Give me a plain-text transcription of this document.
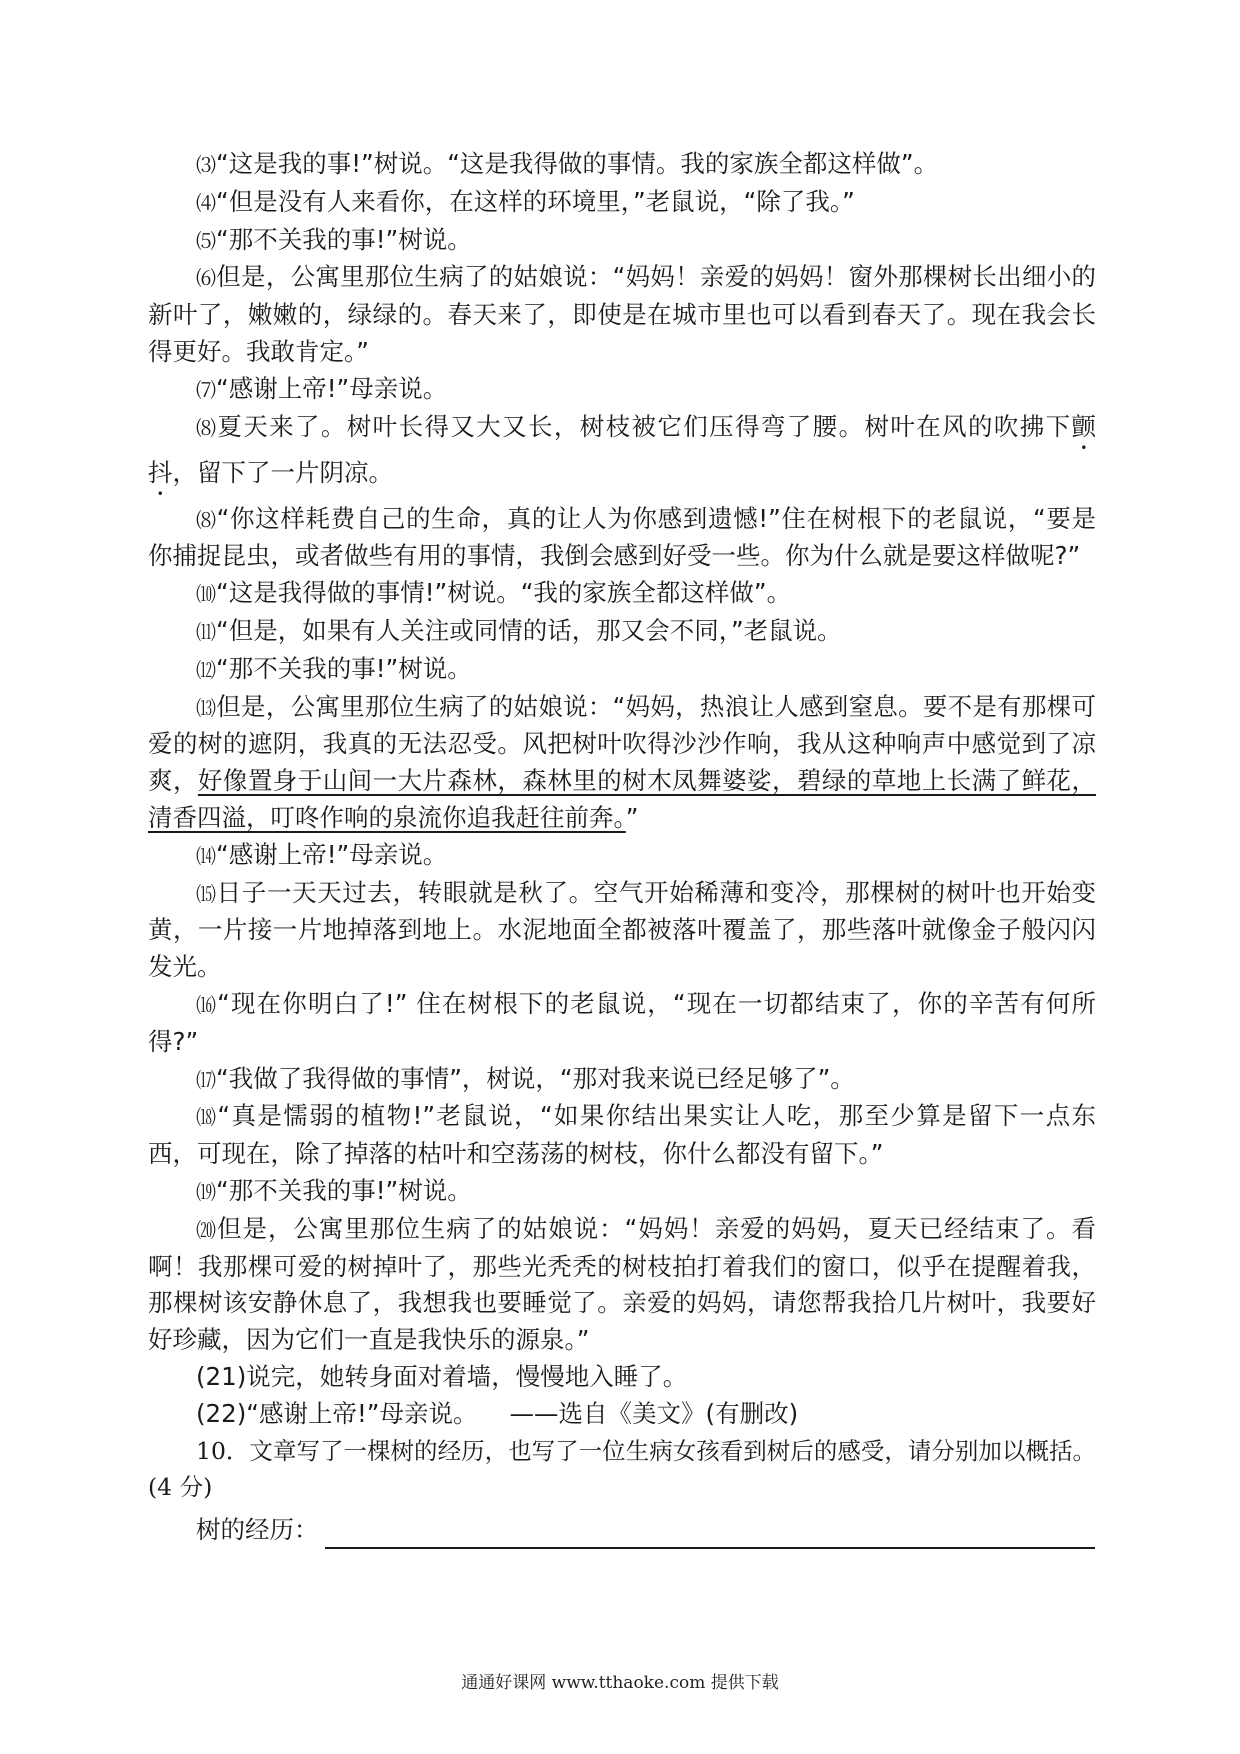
⑶“这是我的事!”树说。“这是我得做的事情。我的家族全都这样做”。

⑷“但是没有人来看你，在这样的环境里，”老鼠说，“除了我。”

⑸“那不关我的事!”树说。

⑹但是，公寓里那位生病了的姑娘说：“妈妈！亲爱的妈妈！窗外那棵树长出细小的新叶了，嫩嫩的，绿绿的。春天来了，即使是在城市里也可以看到春天了。现在我会长得更好。我敢肯定。”

⑺“感谢上帝!”母亲说。

⑻夏天来了。树叶长得又大又长，树枝被它们压得弯了腰。树叶在风的吹拂下颤抖，留下了一片阴凉。

⑻“你这样耗费自己的生命，真的让人为你感到遗憾!”住在树根下的老鼠说，“要是你捕捉昆虫，或者做些有用的事情，我倒会感到好受一些。你为什么就是要这样做呢?”

⑽“这是我得做的事情!”树说。“我的家族全都这样做”。

⑾“但是，如果有人关注或同情的话，那又会不同，”老鼠说。

⑿“那不关我的事!”树说。

⒀但是，公寓里那位生病了的姑娘说：“妈妈，热浪让人感到窒息。要不是有那棵可爱的树的遮阴，我真的无法忍受。风把树叶吹得沙沙作响，我从这种响声中感觉到了凉爽，好像置身于山间一大片森林，森林里的树木凤舞婆娑，碧绿的草地上长满了鲜花，清香四溢，叮咚作响的泉流你追我赶往前奔。”

⒁“感谢上帝!”母亲说。

⒂日子一天天过去，转眼就是秋了。空气开始稀薄和变冷，那棵树的树叶也开始变黄，一片接一片地掉落到地上。水泥地面全都被落叶覆盖了，那些落叶就像金子般闪闪发光。

⒃“现在你明白了!” 住在树根下的老鼠说，“现在一切都结束了，你的辛苦有何所得?”

⒄“我做了我得做的事情”，树说，“那对我来说已经足够了”。

⒅“真是懦弱的植物!”老鼠说，“如果你结出果实让人吃，那至少算是留下一点东西，可现在，除了掉落的枯叶和空荡荡的树枝，你什么都没有留下。”

⒆“那不关我的事!”树说。

⒇但是，公寓里那位生病了的姑娘说：“妈妈！亲爱的妈妈，夏天已经结束了。看啊！我那棵可爱的树掉叶了，那些光秃秃的树枝拍打着我们的窗口，似乎在提醒着我，那棵树该安静休息了，我想我也要睡觉了。亲爱的妈妈，请您帮我拾几片树叶，我要好好珍藏，因为它们一直是我快乐的源泉。”

(21)说完，她转身面对着墙，慢慢地入睡了。

(22)“感谢上帝!”母亲说。 ——选自《美文》(有删改)

10．文章写了一棵树的经历，也写了一位生病女孩看到树后的感受，请分别加以概括。(4 分)

树的经历：

通通好课网 www.tthaoke.com 提供下载
